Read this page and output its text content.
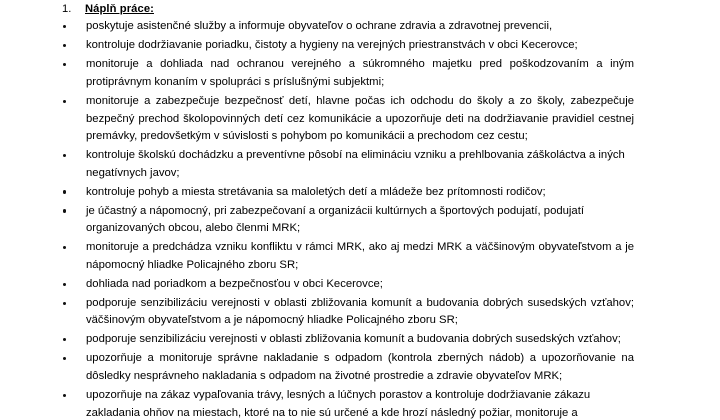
1.	Náplň práce:
poskytuje asistenčné služby a informuje obyvateľov o ochrane zdravia a zdravotnej prevencii,
kontroluje dodržiavanie poriadku, čistoty a hygieny na verejných priestranstvách v obci Kecerovce;
monitoruje a dohliada nad ochranou verejného a súkromného majetku pred poškodzovaním a iným protiprávnym konaním v spolupráci s príslušnými subjektmi;
monitoruje a zabezpečuje bezpečnosť detí, hlavne počas ich odchodu do školy a zo školy, zabezpečuje bezpečný prechod školopovinných detí cez komunikácie a upozorňuje deti na dodržiavanie pravidiel cestnej premávky, predovšetkým v súvislosti s pohybom po komunikácii a prechodom cez cestu;
kontroluje školskú dochádzku a preventívne pôsobí na elimináciu vzniku a prehlbovania záškoláctva a iných negatívnych javov;
kontroluje pohyb a miesta stretávania sa maloletých detí a mládeže bez prítomnosti rodičov;
je účastný a nápomocný, pri zabezpečovaní a organizácii kultúrnych a športových podujatí, podujatí organizovaných obcou, alebo členmi MRK;
monitoruje a predchádza vzniku konfliktu v rámci MRK, ako aj medzi MRK a väčšinovým obyvateľstvom a je nápomocný hliadke Policajného zboru SR;
dohliada nad poriadkom a bezpečnosťou v obci Kecerovce;
podporuje senzibilizáciu verejnosti v oblasti zbližovania komunít a budovania dobrých susedských vzťahov; väčšinovým obyvateľstvom a je nápomocný hliadke Policajného zboru SR;
podporuje senzibilizáciu verejnosti v oblasti zbližovania komunít a budovania dobrých susedských vzťahov;
upozorňuje a monitoruje správne nakladanie s odpadom (kontrola zberných nádob) a upozorňovanie na dôsledky nesprávneho nakladania s odpadom na životné prostredie a zdravie obyvateľov MRK;
upozorňuje na zákaz vypaľovania trávy, lesných a lúčnych porastov a kontroluje dodržiavanie zákazu zakladania ohňov na miestach, ktoré na to nie sú určené a kde hrozí následný požiar, monitoruje a
